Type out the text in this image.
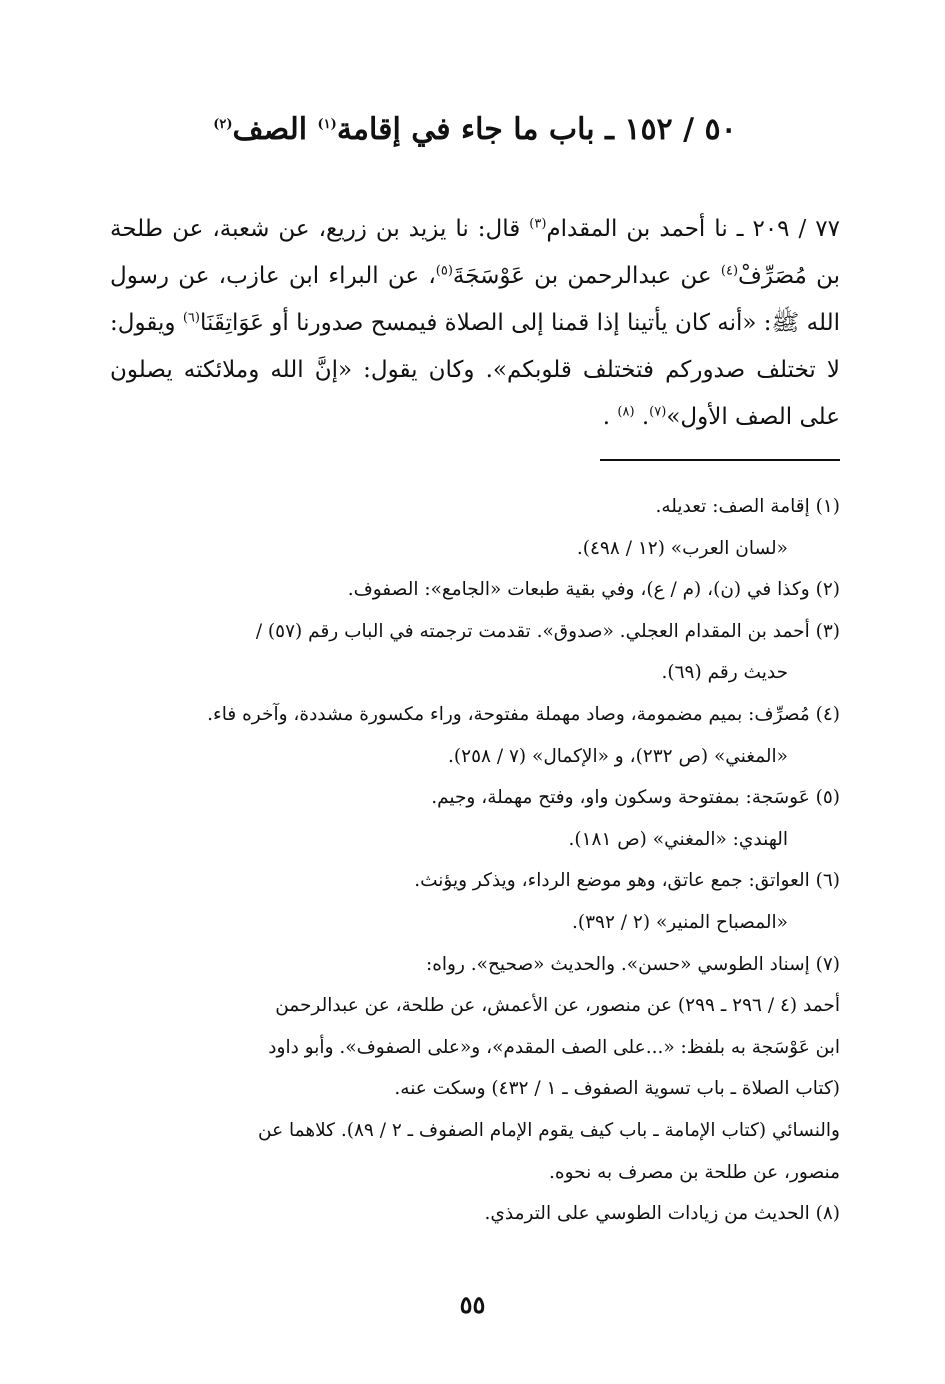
٥٠ / ١٥٢ ـ باب ما جاء في إقامة$^{(١)}$ الصف$^{(٢)}$

٧٧ / ٢٠٩ ـ نا أحمد بن المقدام$^{(٣)}$ قال: نا يزيد بن زريع، عن شعبة، عن طلحة بن مُصَرِّفْ$^{(٤)}$ عن عبدالرحمن بن عَوْسَجَةَ$^{(٥)}$، عن البراء ابن عازب، عن رسول الله ﷺ: «أنه كان يأتينا إذا قمنا إلى الصلاة فيمسح صدورنا أو عَوَاتِقَنَا$^{(٦)}$ ويقول: لا تختلف صدوركم فتختلف قلوبكم». وكان يقول: «إنَّ الله وملائكته يصلون على الصف الأول»$^{(٧)}$. $^{(٨)}$ .

(١) إقامة الصف: تعديله.
«لسان العرب» (١٢ / ٤٩٨).
(٢) وكذا في (ن)، (م / ع)، وفي بقية طبعات «الجامع»: الصفوف.
(٣) أحمد بن المقدام العجلي. «صدوق». تقدمت ترجمته في الباب رقم (٥٧) /
حديث رقم (٦٩).
(٤) مُصرِّف: بميم مضمومة، وصاد مهملة مفتوحة، وراء مكسورة مشددة، وآخره فاء.
«المغني» (ص ٢٣٢)، و «الإكمال» (٧ / ٢٥٨).
(٥) عَوسَجة: بمفتوحة وسكون واو، وفتح مهملة، وجيم.
الهندي: «المغني» (ص ١٨١).
(٦) العواتق: جمع عاتق، وهو موضع الرداء، ويذكر ويؤنث.
«المصباح المنير» (٢ / ٣٩٢).
(٧) إسناد الطوسي «حسن». والحديث «صحيح». رواه:
أحمد (٤ / ٢٩٦ ـ ٢٩٩) عن منصور، عن الأعمش، عن طلحة، عن عبدالرحمن
ابن عَوْسَجة به بلفظ: «...على الصف المقدم»، و«على الصفوف». وأبو داود
(كتاب الصلاة ـ باب تسوية الصفوف ـ ١ / ٤٣٢) وسكت عنه.
والنسائي (كتاب الإمامة ـ باب كيف يقوم الإمام الصفوف ـ ٢ / ٨٩). كلاهما عن
منصور، عن طلحة بن مصرف به نحوه.
(٨) الحديث من زيادات الطوسي على الترمذي.
٥٥
